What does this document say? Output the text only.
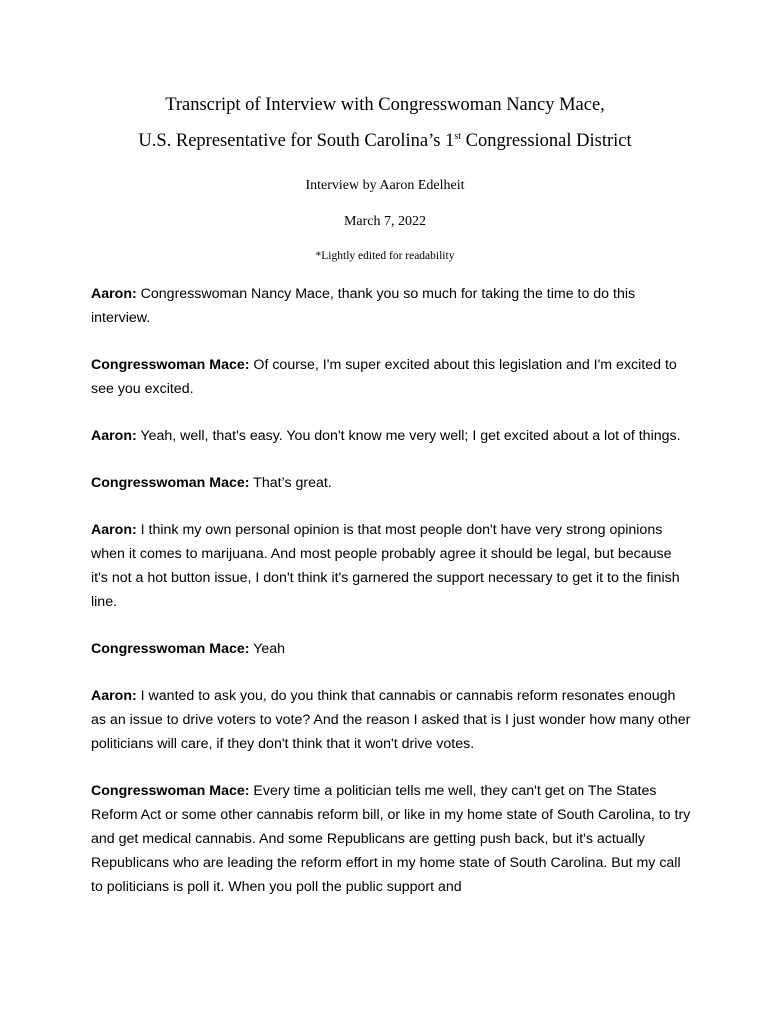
Transcript of Interview with Congresswoman Nancy Mace,
U.S. Representative for South Carolina’s 1st Congressional District
Interview by Aaron Edelheit
March 7, 2022
*Lightly edited for readability

Aaron: Congresswoman Nancy Mace, thank you so much for taking the time to do this interview.

Congresswoman Mace: Of course, I'm super excited about this legislation and I'm excited to see you excited.

Aaron: Yeah, well, that's easy. You don't know me very well; I get excited about a lot of things.

Congresswoman Mace: That’s great.

Aaron: I think my own personal opinion is that most people don't have very strong opinions when it comes to marijuana. And most people probably agree it should be legal, but because it's not a hot button issue, I don't think it's garnered the support necessary to get it to the finish line.

Congresswoman Mace: Yeah

Aaron: I wanted to ask you, do you think that cannabis or cannabis reform resonates enough as an issue to drive voters to vote? And the reason I asked that is I just wonder how many other politicians will care, if they don't think that it won't drive votes.

Congresswoman Mace: Every time a politician tells me well, they can't get on The States Reform Act or some other cannabis reform bill, or like in my home state of South Carolina, to try and get medical cannabis. And some Republicans are getting push back, but it's actually Republicans who are leading the reform effort in my home state of South Carolina. But my call to politicians is poll it. When you poll the public support and
